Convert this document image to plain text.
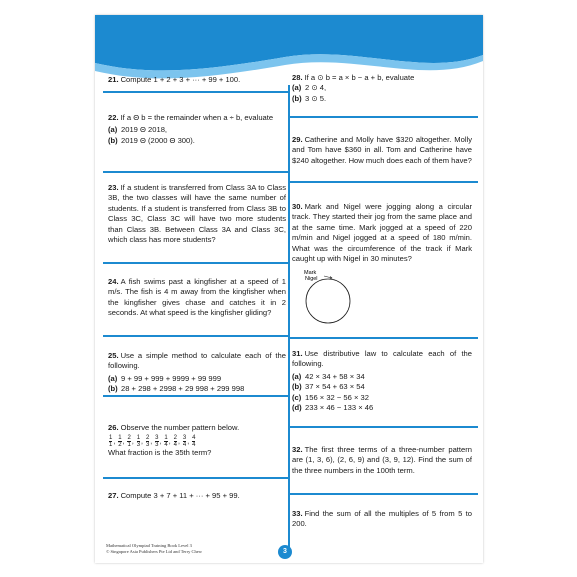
21. Compute 1 + 2 + 3 + ··· + 99 + 100.
22. If a Θ b = the remainder when a ÷ b, evaluate
(a) 2019 Θ 2018,
(b) 2019 Θ (2000 Θ 300).
23. If a student is transferred from Class 3A to Class 3B, the two classes will have the same number of students. If a student is transferred from Class 3B to Class 3C, Class 3C will have two more students than Class 3B. Between Class 3A and Class 3C, which class has more students?
24. A fish swims past a kingfisher at a speed of 1 m/s. The fish is 4 m away from the kingfisher when the kingfisher gives chase and catches it in 2 seconds. At what speed is the kingfisher gliding?
25. Use a simple method to calculate each of the following.
(a) 9 + 99 + 999 + 9999 + 99 999
(b) 28 + 298 + 2998 + 29 998 + 299 998
26. Observe the number pattern below.
$\frac{1}{1}$ , $\frac{1}{2}$ , $\frac{2}{1}$ , $\frac{1}{3}$ , $\frac{2}{3}$ , $\frac{3}{3}$ , $\frac{1}{4}$ , $\frac{2}{4}$ , $\frac{3}{4}$ , $\frac{4}{4}$
What fraction is the 35th term?
27. Compute 3 + 7 + 11 + ··· + 95 + 99.
28. If a ⊙ b = a × b − a + b, evaluate
(a) 2 ⊙ 4,
(b) 3 ⊙ 5.
29. Catherine and Molly have $320 altogether. Molly and Tom have $360 in all. Tom and Catherine have $240 altogether. How much does each of them have?
30. Mark and Nigel were jogging along a circular track. They started their jog from the same place and at the same time. Mark jogged at a speed of 220 m/min and Nigel jogged at a speed of 180 m/min. What was the circumference of the track if Mark caught up with Nigel in 30 minutes?
Mark
Nigel
31. Use distributive law to calculate each of the following.
(a) 42 × 34 + 58 × 34
(b) 37 × 54 + 63 × 54
(c) 156 × 32 − 56 × 32
(d) 233 × 46 − 133 × 46
32. The first three terms of a three-number pattern are (1, 3, 6), (2, 6, 9) and (3, 9, 12). Find the sum of the three numbers in the 100th term.
33. Find the sum of all the multiples of 5 from 5 to 200.
Mathematical Olympiad Training Book Level 3
© Singapore Asia Publishers Pte Ltd and Terry Chew	3
